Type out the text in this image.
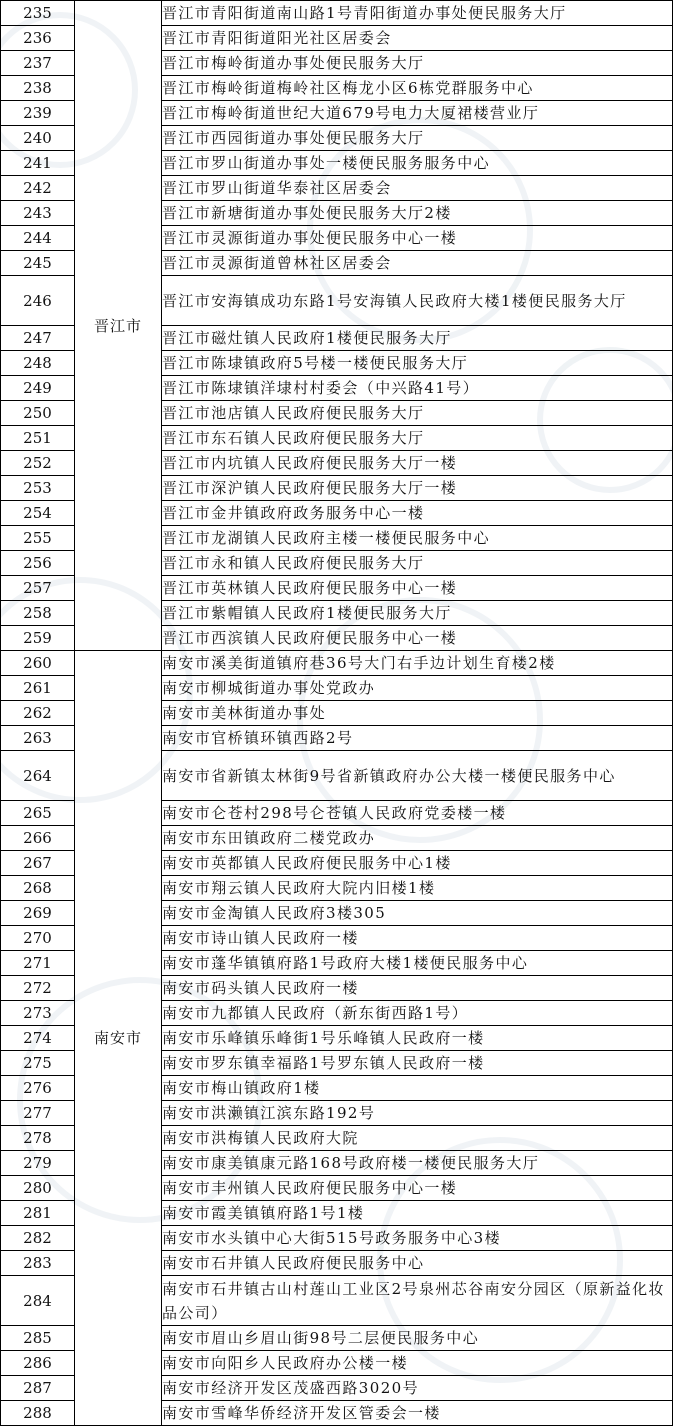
235	晋江市	晋江市青阳街道南山路1号青阳街道办事处便民服务大厅
236		晋江市青阳街道阳光社区居委会
237		晋江市梅岭街道办事处便民服务大厅
238		晋江市梅岭街道梅岭社区梅龙小区6栋党群服务中心
239		晋江市梅岭街道世纪大道679号电力大厦裙楼营业厅
240		晋江市西园街道办事处便民服务大厅
241		晋江市罗山街道办事处一楼便民服务服务中心
242		晋江市罗山街道华泰社区居委会
243		晋江市新塘街道办事处便民服务大厅2楼
244		晋江市灵源街道办事处便民服务中心一楼
245		晋江市灵源街道曾林社区居委会
246		晋江市安海镇成功东路1号安海镇人民政府大楼1楼便民服务大厅
247		晋江市磁灶镇人民政府1楼便民服务大厅
248		晋江市陈埭镇政府5号楼一楼便民服务大厅
249		晋江市陈埭镇洋埭村村委会（中兴路41号）
250		晋江市池店镇人民政府便民服务大厅
251		晋江市东石镇人民政府便民服务大厅
252		晋江市内坑镇人民政府便民服务大厅一楼
253		晋江市深沪镇人民政府便民服务大厅一楼
254		晋江市金井镇政府政务服务中心一楼
255		晋江市龙湖镇人民政府主楼一楼便民服务中心
256		晋江市永和镇人民政府便民服务大厅
257		晋江市英林镇人民政府便民服务中心一楼
258		晋江市紫帽镇人民政府1楼便民服务大厅
259		晋江市西滨镇人民政府便民服务中心一楼
260	南安市	南安市溪美街道镇府巷36号大门右手边计划生育楼2楼
261		南安市柳城街道办事处党政办
262		南安市美林街道办事处
263		南安市官桥镇环镇西路2号
264		南安市省新镇太林街9号省新镇政府办公大楼一楼便民服务中心
265		南安市仑苍村298号仑苍镇人民政府党委楼一楼
266		南安市东田镇政府二楼党政办
267		南安市英都镇人民政府便民服务中心1楼
268		南安市翔云镇人民政府大院内旧楼1楼
269		南安市金淘镇人民政府3楼305
270		南安市诗山镇人民政府一楼
271		南安市蓬华镇镇府路1号政府大楼1楼便民服务中心
272		南安市码头镇人民政府一楼
273		南安市九都镇人民政府（新东街西路1号）
274		南安市乐峰镇乐峰街1号乐峰镇人民政府一楼
275		南安市罗东镇幸福路1号罗东镇人民政府一楼
276		南安市梅山镇政府1楼
277		南安市洪濑镇江滨东路192号
278		南安市洪梅镇人民政府大院
279		南安市康美镇康元路168号政府楼一楼便民服务大厅
280		南安市丰州镇人民政府便民服务中心一楼
281		南安市霞美镇镇府路1号1楼
282		南安市水头镇中心大街515号政务服务中心3楼
283		南安市石井镇人民政府便民服务中心
284		南安市石井镇古山村莲山工业区2号泉州芯谷南安分园区（原新益化妆品公司）
285		南安市眉山乡眉山街98号二层便民服务中心
286		南安市向阳乡人民政府办公楼一楼
287		南安市经济开发区茂盛西路3020号
288		南安市雪峰华侨经济开发区管委会一楼
